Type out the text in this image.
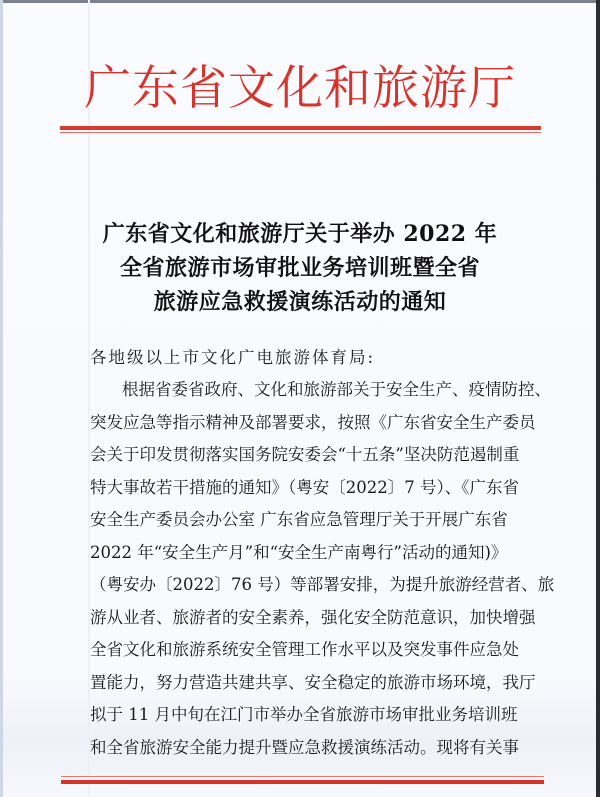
广东省文化和旅游厅
广东省文化和旅游厅关于举办 2022 年
全省旅游市场审批业务培训班暨全省
旅游应急救援演练活动的通知
各地级以上市文化广电旅游体育局:
根据省委省政府、文化和旅游部关于安全生产、疫情防控、
突发应急等指示精神及部署要求，按照《广东省安全生产委员
会关于印发贯彻落实国务院安委会“十五条”坚决防范遏制重
特大事故若干措施的通知》（粤安〔2022〕7 号）、《广东省
安全生产委员会办公室 广东省应急管理厅关于开展广东省
2022 年“安全生产月”和“安全生产南粤行”活动的通知)》
（粤安办〔2022〕76 号）等部署安排，为提升旅游经营者、旅
游从业者、旅游者的安全素养，强化安全防范意识，加快增强
全省文化和旅游系统安全管理工作水平以及突发事件应急处
置能力，努力营造共建共享、安全稳定的旅游市场环境，我厅
拟于 11 月中旬在江门市举办全省旅游市场审批业务培训班
和全省旅游安全能力提升暨应急救援演练活动。现将有关事
